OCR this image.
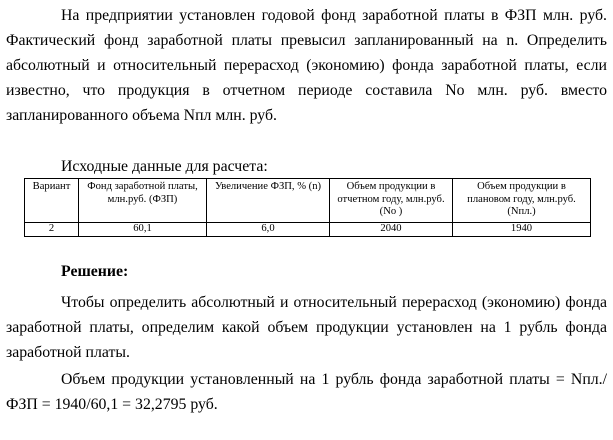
На предприятии установлен годовой фонд заработной платы в ФЗП млн. руб. Фактический фонд заработной платы превысил запланированный на n. Определить абсолютный и относительный перерасход (экономию) фонда заработной платы, если известно, что продукция в отчетном периоде составила No млн. руб. вместо запланированного объема Nпл млн. руб.

Исходные данные для расчета:

Вариант	Фонд заработной платы, млн.руб. (ФЗП)	Увеличение ФЗП, % (n)	Объем продукции в отчетном году, млн.руб. (No )	Объем продукции в плановом году, млн.руб. (Nпл.)
2	60,1	6,0	2040	1940

Решение:

Чтобы определить абсолютный и относительный перерасход (экономию) фонда заработной платы, определим какой объем продукции установлен на 1 рубль фонда заработной платы.

Объем продукции установленный на 1 рубль фонда заработной платы = Nпл./ФЗП = 1940/60,1 = 32,2795 руб.
